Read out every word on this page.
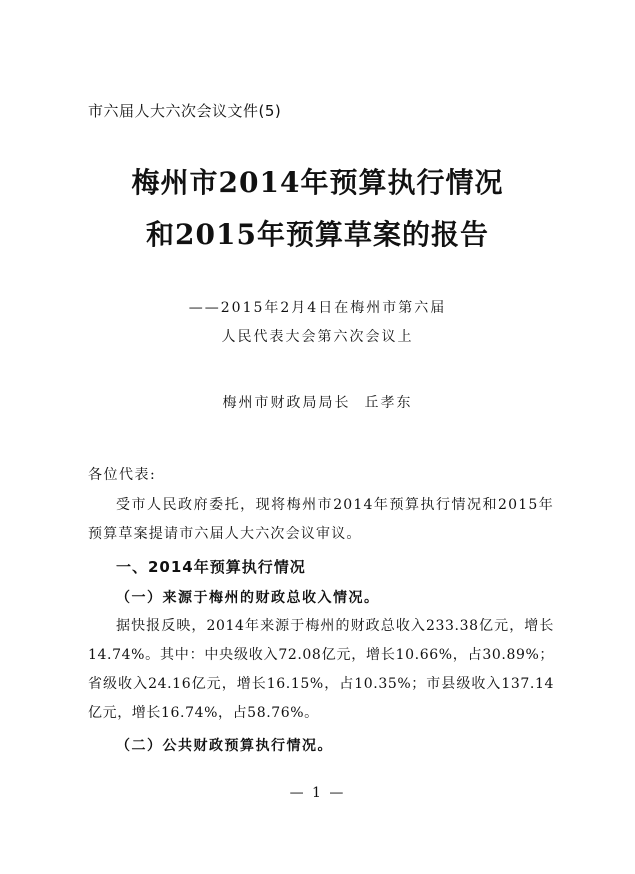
市六届人大六次会议文件(5)
梅州市2014年预算执行情况
和2015年预算草案的报告
——2015年2月4日在梅州市第六届
人民代表大会第六次会议上
梅州市财政局局长 丘孝东
各位代表:
受市人民政府委托，现将梅州市2014年预算执行情况和2015年预算草案提请市六届人大六次会议审议。
一、2014年预算执行情况
（一）来源于梅州的财政总收入情况。
据快报反映，2014年来源于梅州的财政总收入233.38亿元，增长14.74%。其中：中央级收入72.08亿元，增长10.66%，占30.89%；省级收入24.16亿元，增长16.15%，占10.35%；市县级收入137.14亿元，增长16.74%，占58.76%。
（二）公共财政预算执行情况。
— 1 —
